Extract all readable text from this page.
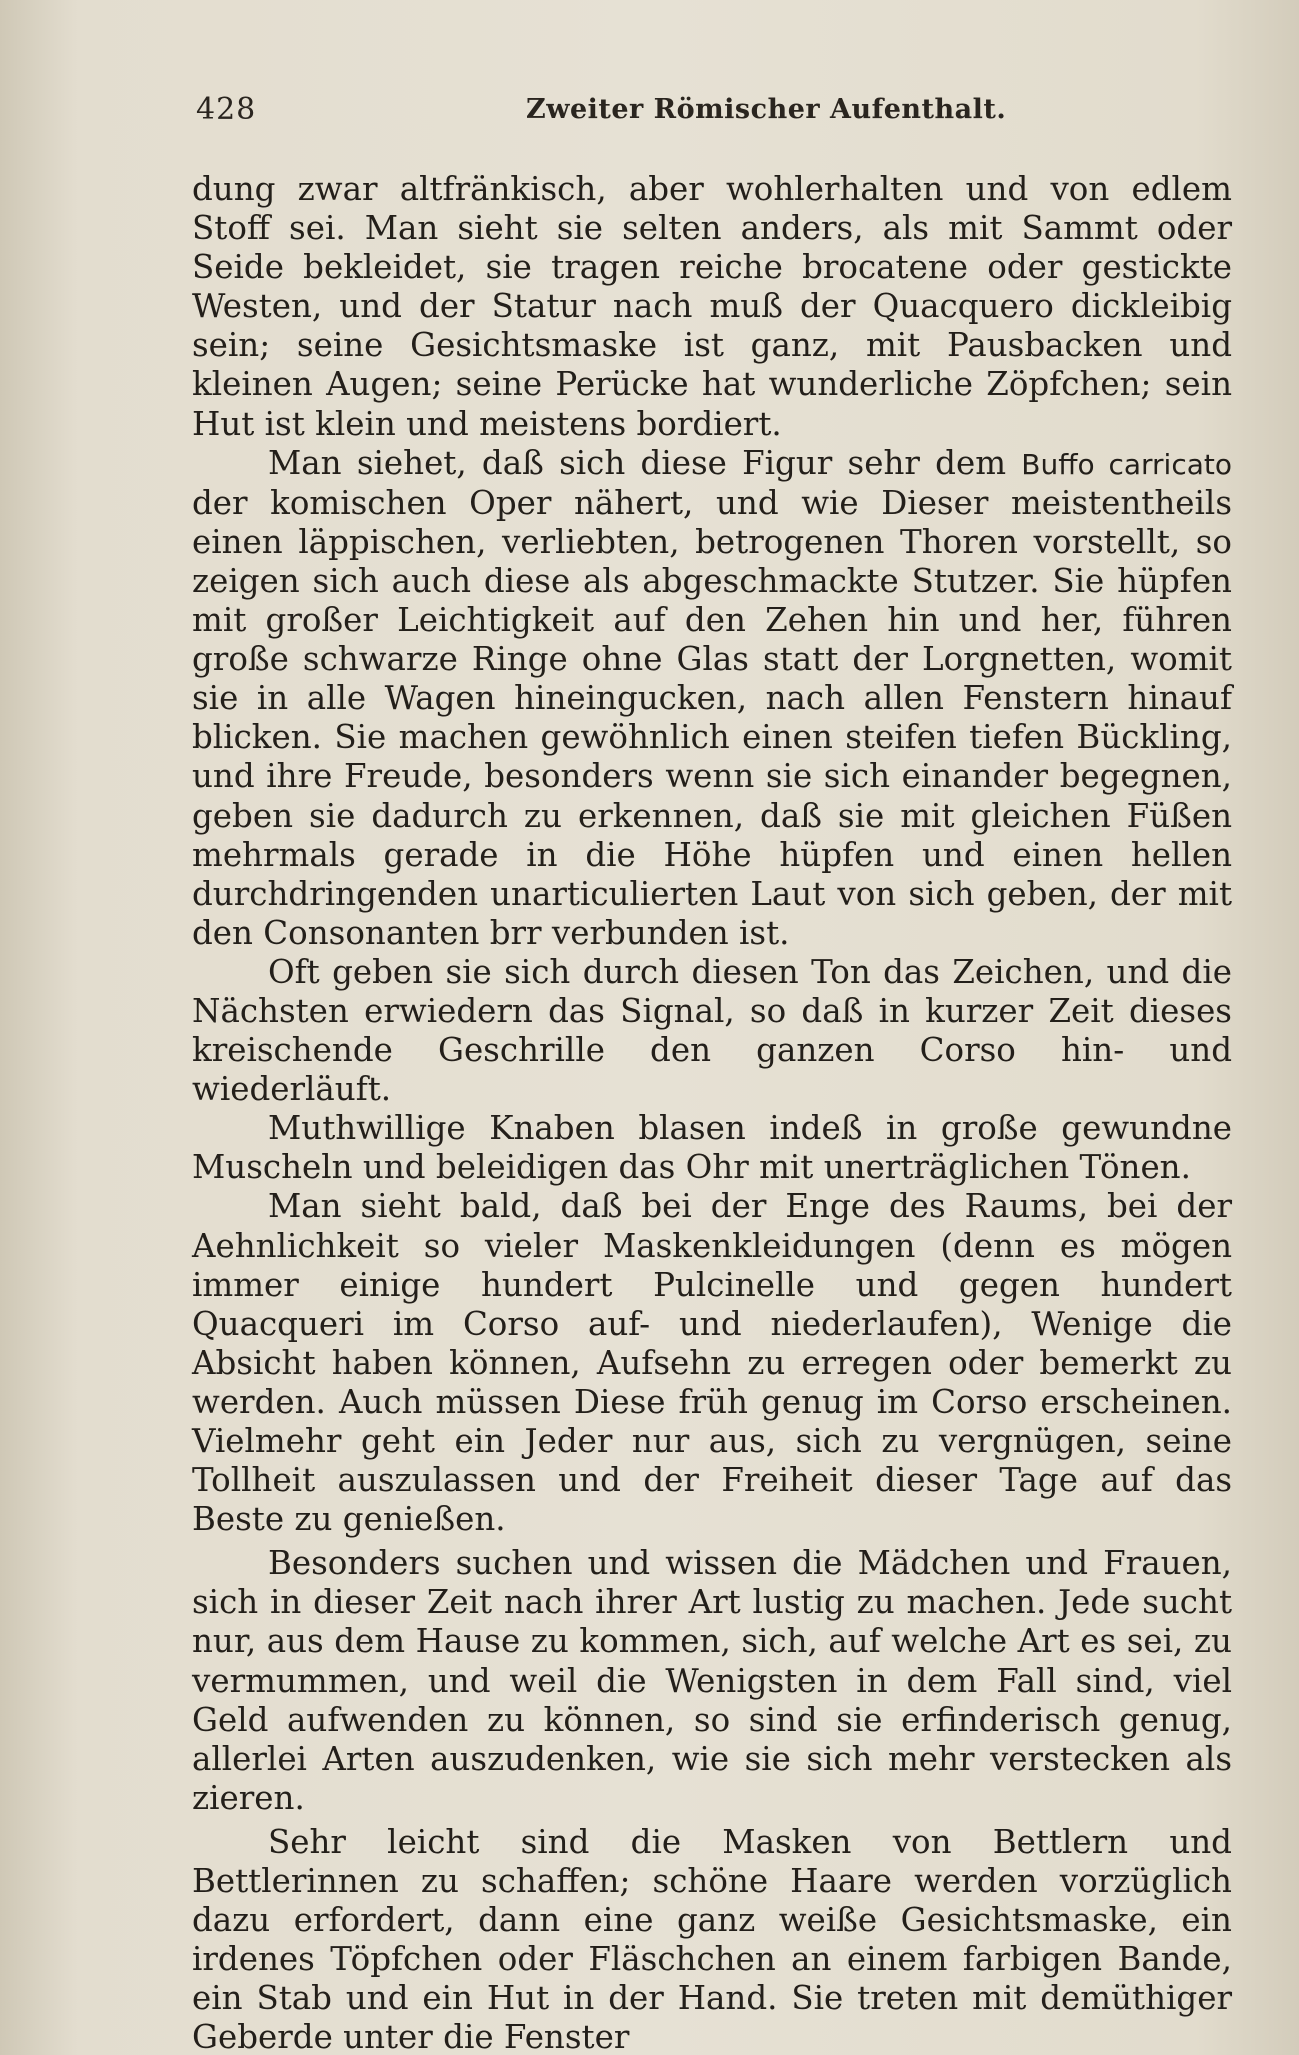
428	Zweiter Römischer Aufenthalt.

dung zwar altfränkisch, aber wohlerhalten und von edlem Stoff sei. Man sieht sie selten anders, als mit Sammt oder Seide bekleidet, sie tragen reiche brocatene oder gestickte Westen, und der Statur nach muß der Quacquero dickleibig sein; seine Gesichtsmaske ist ganz, mit Pausbacken und kleinen Augen; seine Perücke hat wunderliche Zöpfchen; sein Hut ist klein und meistens bordiert.

Man siehet, daß sich diese Figur sehr dem Buffo carricato der komischen Oper nähert, und wie Dieser meistentheils einen läppischen, verliebten, betrogenen Thoren vorstellt, so zeigen sich auch diese als abgeschmackte Stutzer. Sie hüpfen mit großer Leichtigkeit auf den Zehen hin und her, führen große schwarze Ringe ohne Glas statt der Lorgnetten, womit sie in alle Wagen hineingucken, nach allen Fenstern hinauf blicken. Sie machen gewöhnlich einen steifen tiefen Bückling, und ihre Freude, besonders wenn sie sich einander begegnen, geben sie dadurch zu erkennen, daß sie mit gleichen Füßen mehrmals gerade in die Höhe hüpfen und einen hellen durchdringenden unarticulierten Laut von sich geben, der mit den Consonanten brr verbunden ist.

Oft geben sie sich durch diesen Ton das Zeichen, und die Nächsten erwiedern das Signal, so daß in kurzer Zeit dieses kreischende Geschrille den ganzen Corso hin- und wiederläuft.

Muthwillige Knaben blasen indeß in große gewundne Muscheln und beleidigen das Ohr mit unerträglichen Tönen.

Man sieht bald, daß bei der Enge des Raums, bei der Aehnlichkeit so vieler Maskenkleidungen (denn es mögen immer einige hundert Pulcinelle und gegen hundert Quacqueri im Corso auf- und niederlaufen), Wenige die Absicht haben können, Aufsehn zu erregen oder bemerkt zu werden. Auch müssen Diese früh genug im Corso erscheinen. Vielmehr geht ein Jeder nur aus, sich zu vergnügen, seine Tollheit auszulassen und der Freiheit dieser Tage auf das Beste zu genießen.

Besonders suchen und wissen die Mädchen und Frauen, sich in dieser Zeit nach ihrer Art lustig zu machen. Jede sucht nur, aus dem Hause zu kommen, sich, auf welche Art es sei, zu vermummen, und weil die Wenigsten in dem Fall sind, viel Geld aufwenden zu können, so sind sie erfinderisch genug, allerlei Arten auszudenken, wie sie sich mehr verstecken als zieren.

Sehr leicht sind die Masken von Bettlern und Bettlerinnen zu schaffen; schöne Haare werden vorzüglich dazu erfordert, dann eine ganz weiße Gesichtsmaske, ein irdenes Töpfchen oder Fläschchen an einem farbigen Bande, ein Stab und ein Hut in der Hand. Sie treten mit demüthiger Geberde unter die Fenster
